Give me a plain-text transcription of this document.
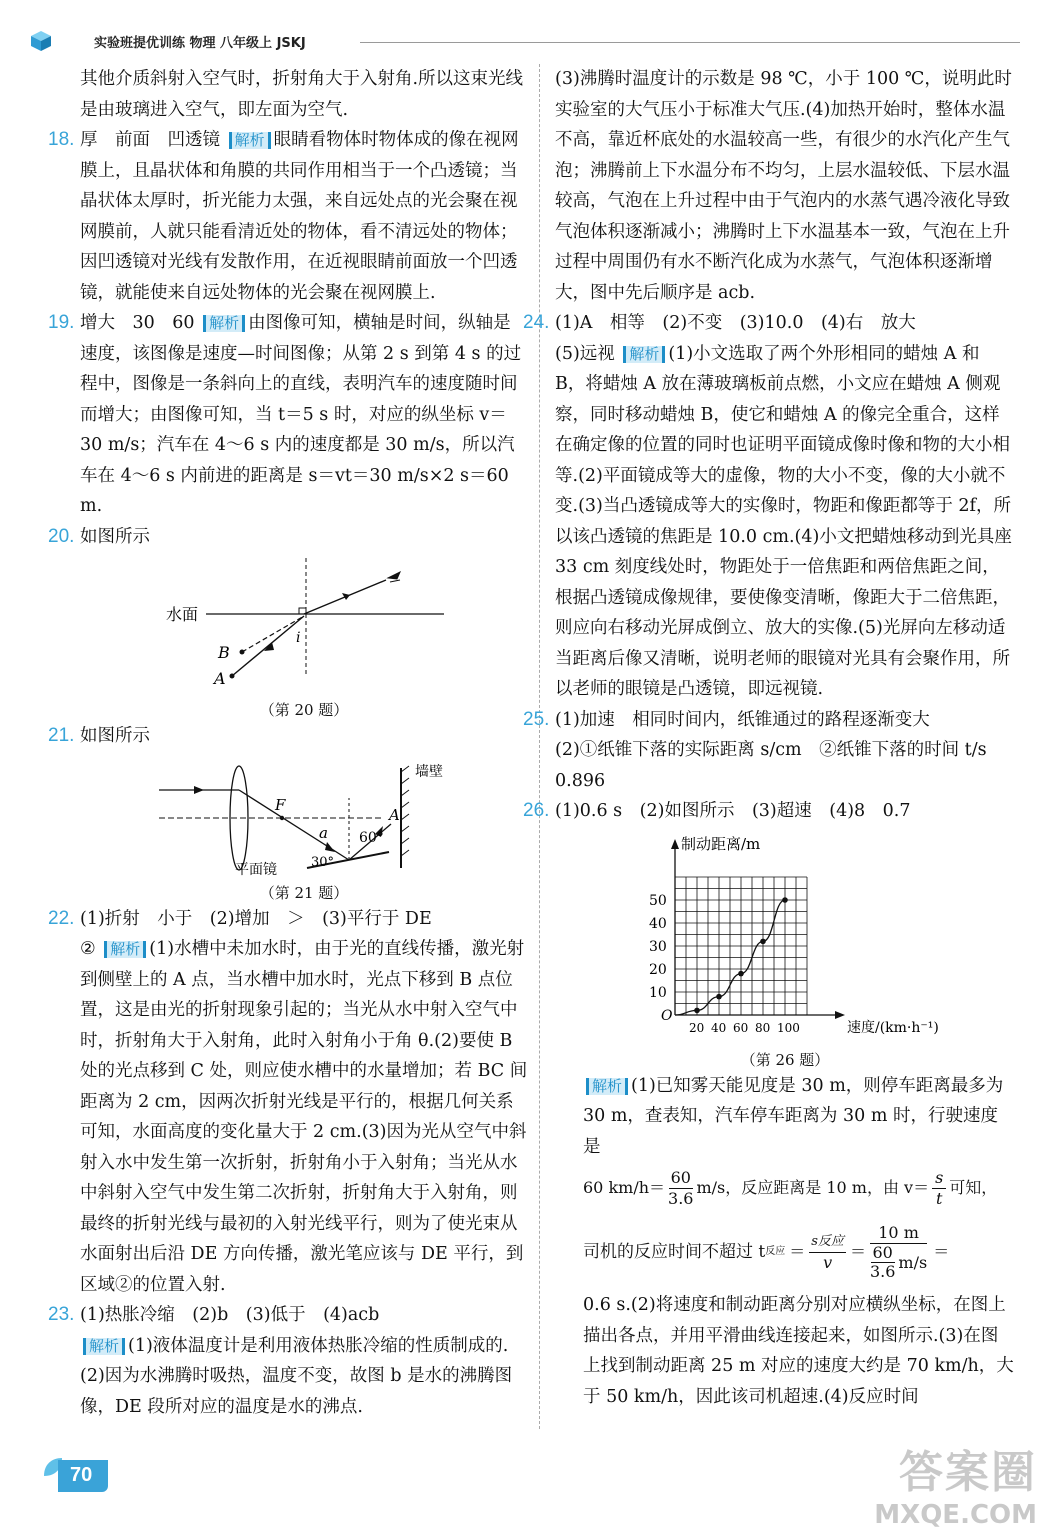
实验班提优训练 物理 八年级上 JSKJ

其他介质斜射入空气时，折射角大于入射角.所以这束光线是由玻璃进入空气，即左面为空气.

18. 厚　前面　凹透镜 解析 眼睛看物体时物体成的像在视网膜上，且晶状体和角膜的共同作用相当于一个凸透镜；当晶状体太厚时，折光能力太强，来自远处点的光会聚在视网膜前，人就只能看清近处的物体，看不清远处的物体；因凹透镜对光线有发散作用，在近视眼睛前面放一个凹透镜，就能使来自远处物体的光会聚在视网膜上.

19. 增大　30　60 解析 由图像可知，横轴是时间，纵轴是速度，该图像是速度—时间图像；从第 2 s 到第 4 s 的过程中，图像是一条斜向上的直线，表明汽车的速度随时间而增大；由图像可知，当 t＝5 s 时，对应的纵坐标 v＝30 m/s；汽车在 4～6 s 内的速度都是 30 m/s，所以汽车在 4～6 s 内前进的距离是 s＝vt＝30 m/s×2 s＝60 m.

20. 如图所示

水面
B
A
i
（第 20 题）

21. 如图所示

F
a 60°
30°
A
墙壁
平面镜
（第 21 题）

22. (1)折射　小于　(2)增加　＞　(3)平行于 DE
② 解析 (1)水槽中未加水时，由于光的直线传播，激光射到侧壁上的 A 点，当水槽中加水时，光点下移到 B 点位置，这是由光的折射现象引起的；当光从水中射入空气中时，折射角大于入射角，此时入射角小于角 θ.(2)要使 B 处的光点移到 C 处，则应使水槽中的水量增加；若 BC 间距离为 2 cm，因两次折射光线是平行的，根据几何关系可知，水面高度的变化量大于 2 cm.(3)因为光从空气中斜射入水中发生第一次折射，折射角小于入射角；当光从水中斜射入空气中发生第二次折射，折射角大于入射角，则最终的折射光线与最初的入射光线平行，则为了使光束从水面射出后沿 DE 方向传播，激光笔应该与 DE 平行，到区域②的位置入射.

23. (1)热胀冷缩　(2)b　(3)低于　(4)acb
解析 (1)液体温度计是利用液体热胀冷缩的性质制成的.(2)因为水沸腾时吸热，温度不变，故图 b 是水的沸腾图像，DE 段所对应的温度是水的沸点.

(3)沸腾时温度计的示数是 98 ℃，小于 100 ℃，说明此时实验室的大气压小于标准大气压.(4)加热开始时，整体水温不高，靠近杯底处的水温较高一些，有很少的水汽化产生气泡；沸腾前上下水温分布不均匀，上层水温较低、下层水温较高，气泡在上升过程中由于气泡内的水蒸气遇冷液化导致气泡体积逐渐减小；沸腾时上下水温基本一致，气泡在上升过程中周围仍有水不断汽化成为水蒸气，气泡体积逐渐增大，图中先后顺序是 acb.

24. (1)A　相等　(2)不变　(3)10.0　(4)右　放大
(5)远视 解析 (1)小文选取了两个外形相同的蜡烛 A 和 B，将蜡烛 A 放在薄玻璃板前点燃，小文应在蜡烛 A 侧观察，同时移动蜡烛 B，使它和蜡烛 A 的像完全重合，这样在确定像的位置的同时也证明平面镜成像时像和物的大小相等.(2)平面镜成等大的虚像，物的大小不变，像的大小就不变.(3)当凸透镜成等大的实像时，物距和像距都等于 2f，所以该凸透镜的焦距是 10.0 cm.(4)小文把蜡烛移动到光具座 33 cm 刻度线处时，物距处于一倍焦距和两倍焦距之间，根据凸透镜成像规律，要使像变清晰，像距大于二倍焦距，则应向右移动光屏成倒立、放大的实像.(5)光屏向左移动适当距离后像又清晰，说明老师的眼镜对光具有会聚作用，所以老师的眼镜是凸透镜，即远视镜.

25. (1)加速　相同时间内，纸锥通过的路程逐渐变大
(2)①纸锥下落的实际距离 s/cm　②纸锥下落的时间 t/s　0.896

26. (1)0.6 s　(2)如图所示　(3)超速　(4)8　0.7

10
20
30
40
50
20 40 60 80 100
制动距离/m
速度/(km·h⁻¹)
O
（第 26 题）

解析 (1)已知雾天能见度是 30 m，则停车距离最多为 30 m，查表知，汽车停车距离为 30 m 时，行驶速度是

60 $km/h= \frac{60}{3.6} m/s$，反应距离是 10 m，由 v＝
s
t
可知，
司机的反应时间不超过 t 反应 ＝
s反应
v
＝ 10 m
60
3.6 m/s ＝

0.6 s.(2)将速度和制动距离分别对应横纵坐标，在图上描出各点，并用平滑曲线连接起来，如图所示.(3)在图上找到制动距离 25 m 对应的速度大约是 70 km/h，大于 50 km/h，因此该司机超速.(4)反应时间

70	答案圈
MXQE.COM
